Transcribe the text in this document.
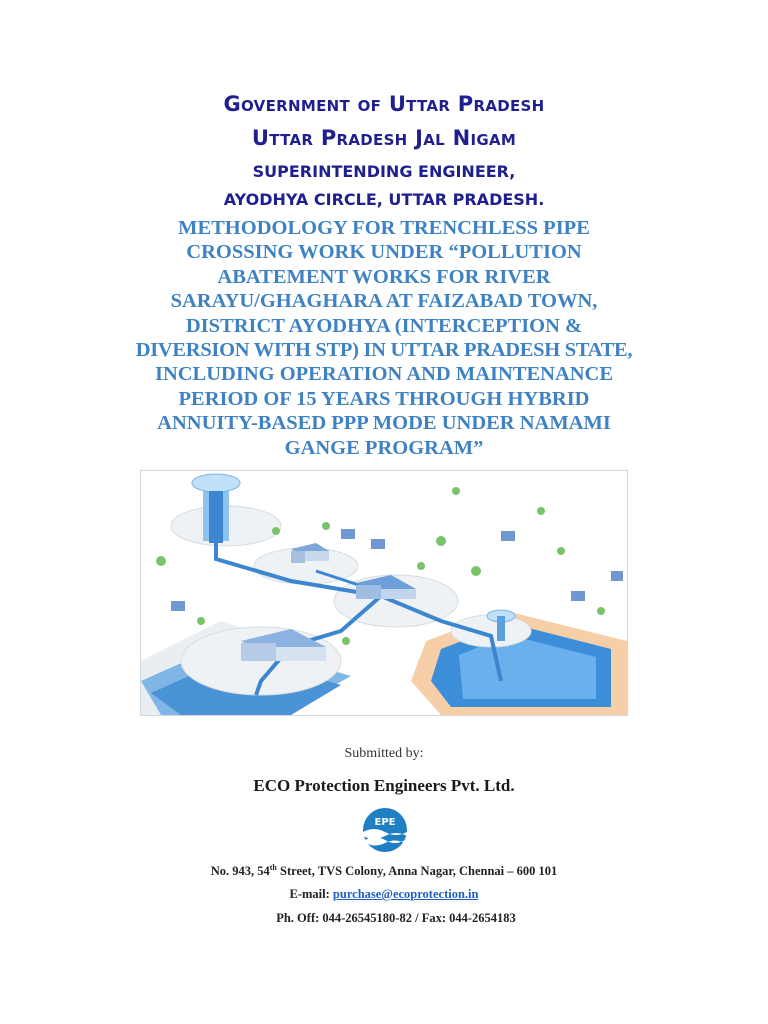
Government of Uttar Pradesh
Uttar Pradesh Jal Nigam
SUPERINTENDING ENGINEER,
AYODHYA CIRCLE, UTTAR PRADESH.
METHODOLOGY FOR TRENCHLESS PIPE
CROSSING WORK UNDER “POLLUTION
ABATEMENT WORKS FOR RIVER
SARAYU/GHAGHARA AT FAIZABAD TOWN,
DISTRICT AYODHYA (INTERCEPTION &
DIVERSION WITH STP) IN UTTAR PRADESH STATE,
INCLUDING OPERATION AND MAINTENANCE
PERIOD OF 15 YEARS THROUGH HYBRID
ANNUITY-BASED PPP MODE UNDER NAMAMI
GANGE PROGRAM”
Submitted by:
ECO Protection Engineers Pvt. Ltd.
EPE
No. 943, 54th Street, TVS Colony, Anna Nagar, Chennai – 600 101
E-mail: purchase@ecoprotection.in
Ph. Off: 044-26545180-82 / Fax: 044-2654183
